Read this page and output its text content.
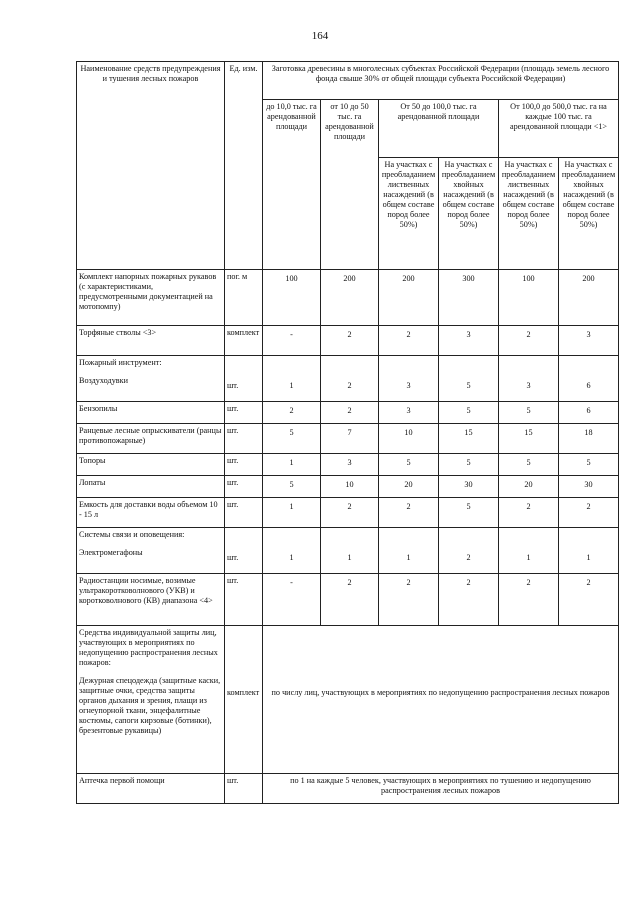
164
Наименование средств предупреждения и тушения лесных пожаров	Ед. изм.	Заготовка древесины в многолесных субъектах Российской Федерации (площадь земель лесного фонда свыше 30% от общей площади субъекта Российской Федерации)					
		до 10,0 тыс. га арендованной площади	от 10 до 50 тыс. га арендованной площади	От 50 до 100,0 тыс. га арендованной площади		От 100,0 до 500,0 тыс. га на каждые 100 тыс. га арендованной площади <1>	
				На участках с преобладанием лиственных насаждений (в общем составе пород более 50%)	На участках с преобладанием хвойных насаждений (в общем составе пород более 50%)	На участках с преобладанием лиственных насаждений (в общем составе пород более 50%)	На участках с преобладанием хвойных насаждений (в общем составе пород более 50%)
Комплект напорных пожарных рукавов (с характеристиками, предусмотренными документацией на мотопомпу)	пог. м	100	200	200	300	100	200
Торфяные стволы <3>	комплект	-	2	2	3	2	3

Пожарный инструмент:
Воздуходувки	шт.	1	2	3	5	3	6
Бензопилы	шт.	2	2	3	5	5	6
Ранцевые лесные опрыскиватели (ранцы противопожарные)	шт.	5	7	10	15	15	18
Топоры	шт.	1	3	5	5	5	5
Лопаты	шт.	5	10	20	30	20	30
Емкость для доставки воды объемом 10 - 15 л	шт.	1	2	2	5	2	2

Системы связи и оповещения:
Электромегафоны	шт.	1	1	1	2	1	1
Радиостанции носимые, возимые ультракоротковолнового (УКВ) и коротковолнового (КВ) диапазона <4>	шт.	-	2	2	2	2	2

Средства индивидуальной защиты лиц, участвующих в мероприятиях по недопущению распространения лесных пожаров:
Дежурная спецодежда (защитные каски, защитные очки, средства защиты органов дыхания и зрения, плащи из огнеупорной ткани, энцефалитные костюмы, сапоги кирзовые (ботинки), брезентовые рукавицы)	комплект	по числу лиц, участвующих в мероприятиях по недопущению распространения лесных пожаров					
Аптечка первой помощи	шт.	по 1 на каждые 5 человек, участвующих в мероприятиях по тушению и недопущению распространения лесных пожаров					
